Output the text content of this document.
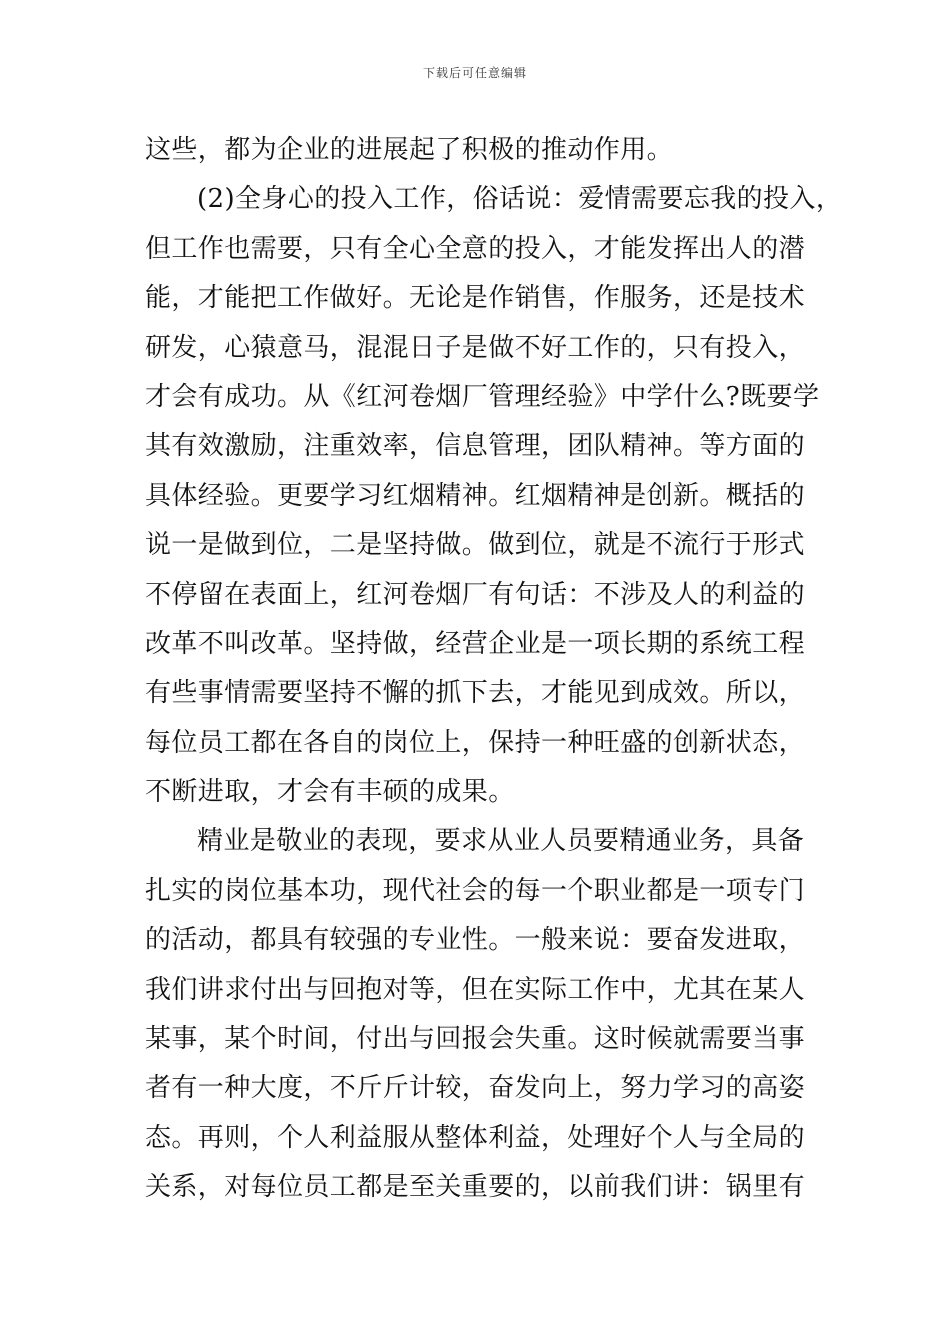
下载后可任意编辑
这些，都为企业的进展起了积极的推动作用。
(2)全身心的投入工作，俗话说：爱情需要忘我的投入，
但工作也需要，只有全心全意的投入，才能发挥出人的潜
能，才能把工作做好。无论是作销售，作服务，还是技术
研发，心猿意马，混混日子是做不好工作的，只有投入，
才会有成功。从《红河卷烟厂管理经验》中学什么?既要学
其有效激励，注重效率，信息管理，团队精神。等方面的
具体经验。更要学习红烟精神。红烟精神是创新。概括的
说一是做到位，二是坚持做。做到位，就是不流行于形式
不停留在表面上，红河卷烟厂有句话：不涉及人的利益的
改革不叫改革。坚持做，经营企业是一项长期的系统工程
有些事情需要坚持不懈的抓下去，才能见到成效。所以，
每位员工都在各自的岗位上，保持一种旺盛的创新状态，
不断进取，才会有丰硕的成果。
精业是敬业的表现，要求从业人员要精通业务，具备
扎实的岗位基本功，现代社会的每一个职业都是一项专门
的活动，都具有较强的专业性。一般来说：要奋发进取，
我们讲求付出与回抱对等，但在实际工作中，尤其在某人
某事，某个时间，付出与回报会失重。这时候就需要当事
者有一种大度，不斤斤计较，奋发向上，努力学习的高姿
态。再则，个人利益服从整体利益，处理好个人与全局的
关系，对每位员工都是至关重要的，以前我们讲：锅里有
